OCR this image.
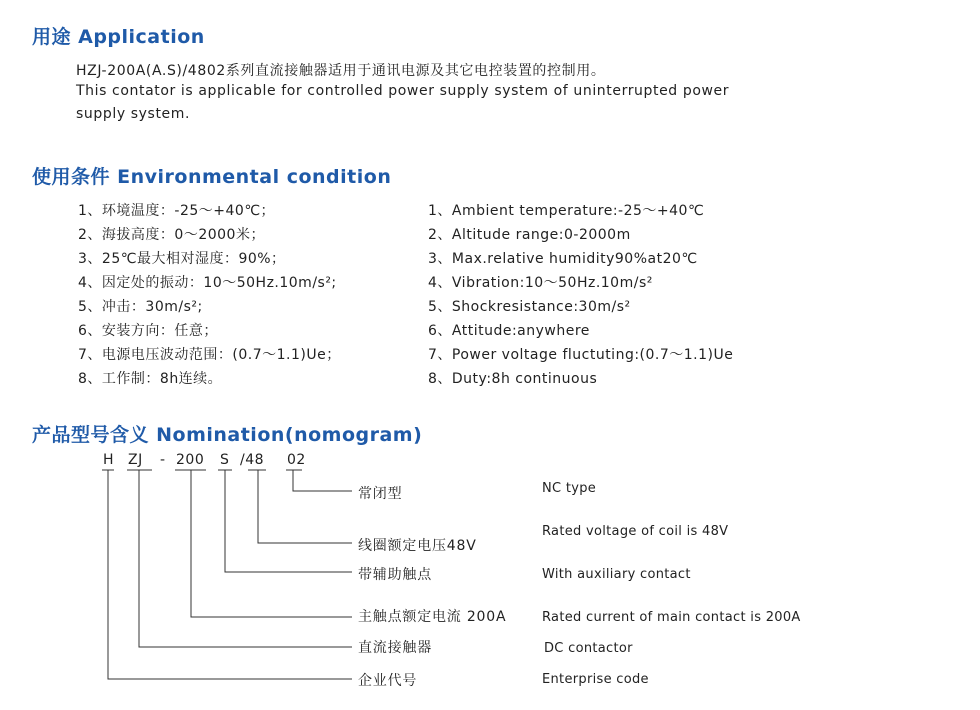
用途 Application
HZJ-200A(A.S)/4802系列直流接触器适用于通讯电源及其它电控装置的控制用。
This contator is applicable for controlled power supply system of uninterrupted power
supply system.
使用条件 Environmental condition
1、环境温度：-25～+40℃；
2、海拔高度：0～2000米；
3、25℃最大相对湿度：90%；
4、因定处的振动：10～50Hz.10m/s²;
5、冲击：30m/s²;
6、安装方向：任意；
7、电源电压波动范围：(0.7～1.1)Ue；
8、工作制：8h连续。
1、Ambient temperature:-25～+40℃
2、Altitude range:0-2000m
3、Max.relative humidity90%at20℃
4、Vibration:10～50Hz.10m/s²
5、Shockresistance:30m/s²
6、Attitude:anywhere
7、Power voltage fluctuting:(0.7～1.1)Ue
8、Duty:8h continuous
产品型号含义 Nomination(nomogram)
H ZJ - 200 S /48 02
常闭型
线圈额定电压48V
带辅助触点
主触点额定电流 200A
直流接触器
企业代号
NC type
Rated voltage of coil is 48V
With auxiliary contact
Rated current of main contact is 200A
DC contactor
Enterprise code
